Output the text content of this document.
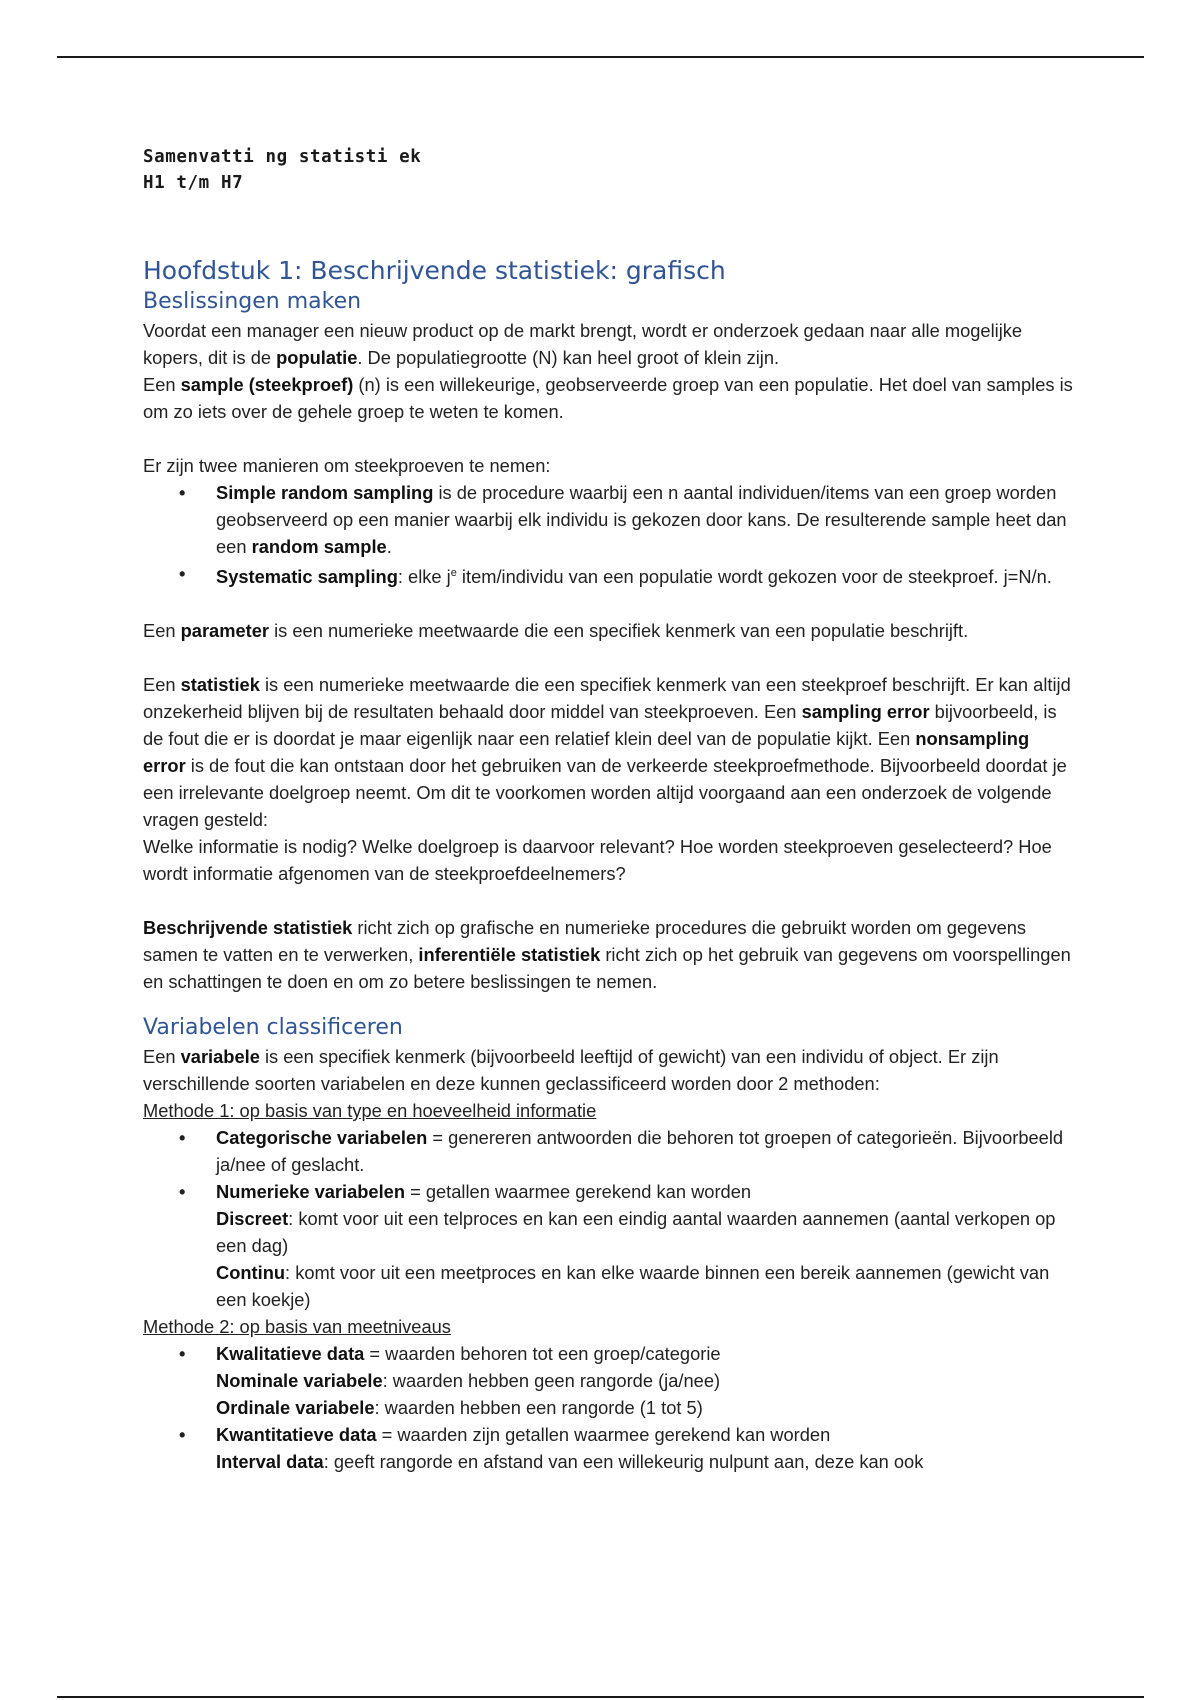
Samenvatti ng statisti ek
H1 t/m H7
Hoofdstuk 1: Beschrijvende statistiek: grafisch
Beslissingen maken

Voordat een manager een nieuw product op de markt brengt, wordt er onderzoek gedaan naar alle mogelijke kopers, dit is de populatie. De populatiegrootte (N) kan heel groot of klein zijn.

Een sample (steekproef) (n) is een willekeurige, geobserveerde groep van een populatie. Het doel van samples is om zo iets over de gehele groep te weten te komen.

Er zijn twee manieren om steekproeven te nemen:

• Simple random sampling is de procedure waarbij een n aantal individuen/items van een groep worden geobserveerd op een manier waarbij elk individu is gekozen door kans. De resulterende sample heet dan een random sample.
• Systematic sampling: elke $j^e$ item/individu van een populatie wordt gekozen voor de steekproef. j=N/n.

Een parameter is een numerieke meetwaarde die een specifiek kenmerk van een populatie beschrijft.

Een statistiek is een numerieke meetwaarde die een specifiek kenmerk van een steekproef beschrijft. Er kan altijd onzekerheid blijven bij de resultaten behaald door middel van steekproeven. Een sampling error bijvoorbeeld, is de fout die er is doordat je maar eigenlijk naar een relatief klein deel van de populatie kijkt. Een nonsampling error is de fout die kan ontstaan door het gebruiken van de verkeerde steekproefmethode. Bijvoorbeeld doordat je een irrelevante doelgroep neemt. Om dit te voorkomen worden altijd voorgaand aan een onderzoek de volgende vragen gesteld:

Welke informatie is nodig? Welke doelgroep is daarvoor relevant? Hoe worden steekproeven geselecteerd? Hoe wordt informatie afgenomen van de steekproefdeelnemers?

Beschrijvende statistiek richt zich op grafische en numerieke procedures die gebruikt worden om gegevens samen te vatten en te verwerken, inferentiële statistiek richt zich op het gebruik van gegevens om voorspellingen en schattingen te doen en om zo betere beslissingen te nemen.

Variabelen classificeren

Een variabele is een specifiek kenmerk (bijvoorbeeld leeftijd of gewicht) van een individu of object. Er zijn verschillende soorten variabelen en deze kunnen geclassificeerd worden door 2 methoden:

Methode 1: op basis van type en hoeveelheid informatie

• Categorische variabelen = genereren antwoorden die behoren tot groepen of categorieën. Bijvoorbeeld ja/nee of geslacht.
• Numerieke variabelen = getallen waarmee gerekend kan worden
Discreet: komt voor uit een telproces en kan een eindig aantal waarden aannemen (aantal verkopen op een dag)
Continu: komt voor uit een meetproces en kan elke waarde binnen een bereik aannemen (gewicht van een koekje)

Methode 2: op basis van meetniveaus

• Kwalitatieve data = waarden behoren tot een groep/categorie
Nominale variabele: waarden hebben geen rangorde (ja/nee)
Ordinale variabele: waarden hebben een rangorde (1 tot 5)
• Kwantitatieve data = waarden zijn getallen waarmee gerekend kan worden
Interval data: geeft rangorde en afstand van een willekeurig nulpunt aan, deze kan ook
